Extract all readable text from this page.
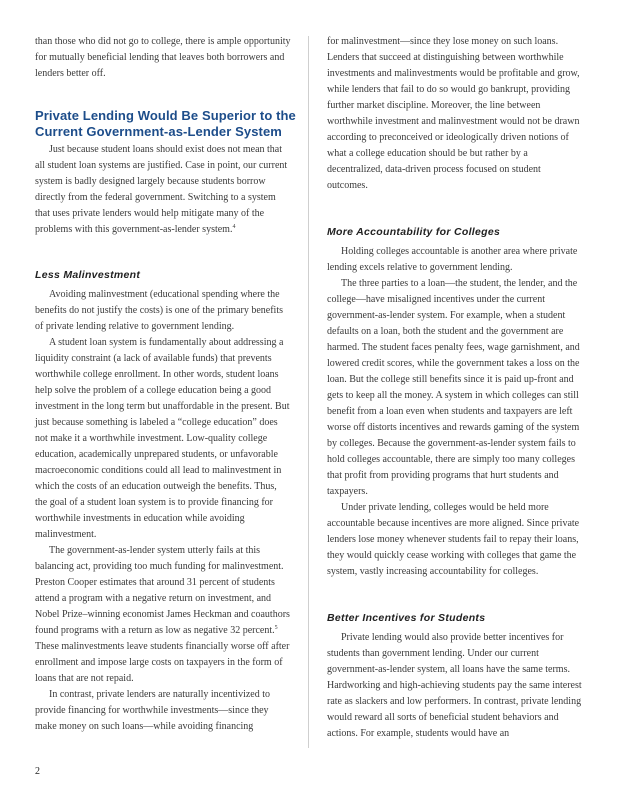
than those who did not go to college, there is ample opportunity for mutually beneficial lending that leaves both borrowers and lenders better off.

Private Lending Would Be Superior to the Current Government-as-Lender System

Just because student loans should exist does not mean that all student loan systems are justified. Case in point, our current system is badly designed largely because students borrow directly from the federal government. Switching to a system that uses private lenders would help mitigate many of the problems with this government-as-lender system.$^4$

Less Malinvestment

Avoiding malinvestment (educational spending where the benefits do not justify the costs) is one of the primary benefits of private lending relative to government lending.

A student loan system is fundamentally about addressing a liquidity constraint (a lack of available funds) that prevents worthwhile college enrollment. In other words, student loans help solve the problem of a college education being a good investment in the long term but unaffordable in the present. But just because something is labeled a “college education” does not make it a worthwhile investment. Low-quality college education, academically unprepared students, or unfavorable macroeconomic conditions could all lead to malinvestment in which the costs of an education outweigh the benefits. Thus, the goal of a student loan system is to provide financing for worthwhile investments in education while avoiding malinvestment.

The government-as-lender system utterly fails at this balancing act, providing too much funding for malinvestment. Preston Cooper estimates that around 31 percent of students attend a program with a negative return on investment, and Nobel Prize–winning economist James Heckman and coauthors found programs with a return as low as negative 32 percent.$^5$ These malinvestments leave students financially worse off after enrollment and impose large costs on taxpayers in the form of loans that are not repaid.

In contrast, private lenders are naturally incentivized to provide financing for worthwhile investments—since they make money on such loans—while avoiding financing

for malinvestment—since they lose money on such loans. Lenders that succeed at distinguishing between worthwhile investments and malinvestments would be profitable and grow, while lenders that fail to do so would go bankrupt, providing further market discipline. Moreover, the line between worthwhile investment and malinvestment would not be drawn according to preconceived or ideologically driven notions of what a college education should be but rather by a decentralized, data-driven process focused on student outcomes.

More Accountability for Colleges

Holding colleges accountable is another area where private lending excels relative to government lending.

The three parties to a loan—the student, the lender, and the college—have misaligned incentives under the current government-as-lender system. For example, when a student defaults on a loan, both the student and the government are harmed. The student faces penalty fees, wage garnishment, and lowered credit scores, while the government takes a loss on the loan. But the college still benefits since it is paid up-front and gets to keep all the money. A system in which colleges can still benefit from a loan even when students and taxpayers are left worse off distorts incentives and rewards gaming of the system by colleges. Because the government-as-lender system fails to hold colleges accountable, there are simply too many colleges that profit from providing programs that hurt students and taxpayers.

Under private lending, colleges would be held more accountable because incentives are more aligned. Since private lenders lose money whenever students fail to repay their loans, they would quickly cease working with colleges that game the system, vastly increasing accountability for colleges.

Better Incentives for Students

Private lending would also provide better incentives for students than government lending. Under our current government-as-lender system, all loans have the same terms. Hardworking and high-achieving students pay the same interest rate as slackers and low performers. In contrast, private lending would reward all sorts of beneficial student behaviors and actions. For example, students would have an

2
